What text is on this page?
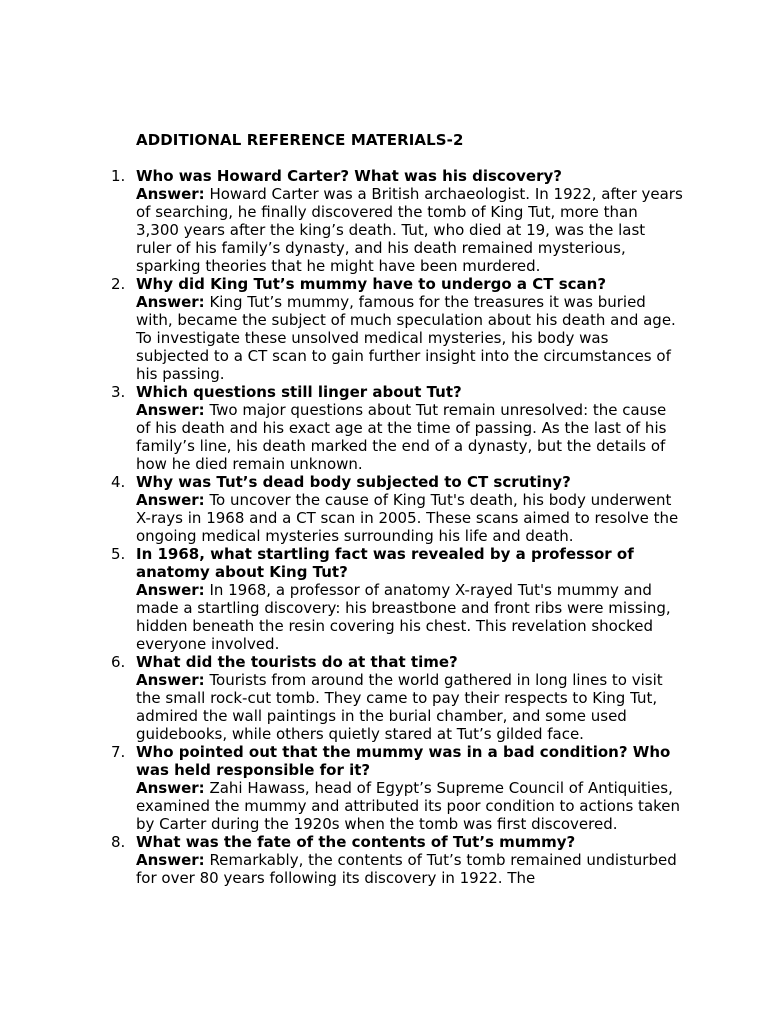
ADDITIONAL REFERENCE MATERIALS-2
1. Who was Howard Carter? What was his discovery?

Answer: Howard Carter was a British archaeologist. In 1922, after years of searching, he finally discovered the tomb of King Tut, more than 3,300 years after the king’s death. Tut, who died at 19, was the last ruler of his family’s dynasty, and his death remained mysterious, sparking theories that he might have been murdered.

2. Why did King Tut’s mummy have to undergo a CT scan?

Answer: King Tut’s mummy, famous for the treasures it was buried with, became the subject of much speculation about his death and age. To investigate these unsolved medical mysteries, his body was subjected to a CT scan to gain further insight into the circumstances of his passing.

3. Which questions still linger about Tut?

Answer: Two major questions about Tut remain unresolved: the cause of his death and his exact age at the time of passing. As the last of his family’s line, his death marked the end of a dynasty, but the details of how he died remain unknown.

4. Why was Tut’s dead body subjected to CT scrutiny?

Answer: To uncover the cause of King Tut's death, his body underwent X-rays in 1968 and a CT scan in 2005. These scans aimed to resolve the ongoing medical mysteries surrounding his life and death.

5. In 1968, what startling fact was revealed by a professor of anatomy about King Tut?

Answer: In 1968, a professor of anatomy X-rayed Tut's mummy and made a startling discovery: his breastbone and front ribs were missing, hidden beneath the resin covering his chest. This revelation shocked everyone involved.

6. What did the tourists do at that time?

Answer: Tourists from around the world gathered in long lines to visit the small rock-cut tomb. They came to pay their respects to King Tut, admired the wall paintings in the burial chamber, and some used guidebooks, while others quietly stared at Tut’s gilded face.

7. Who pointed out that the mummy was in a bad condition? Who was held responsible for it?

Answer: Zahi Hawass, head of Egypt’s Supreme Council of Antiquities, examined the mummy and attributed its poor condition to actions taken by Carter during the 1920s when the tomb was first discovered.

8. What was the fate of the contents of Tut’s mummy?

Answer: Remarkably, the contents of Tut’s tomb remained undisturbed for over 80 years following its discovery in 1922. The
